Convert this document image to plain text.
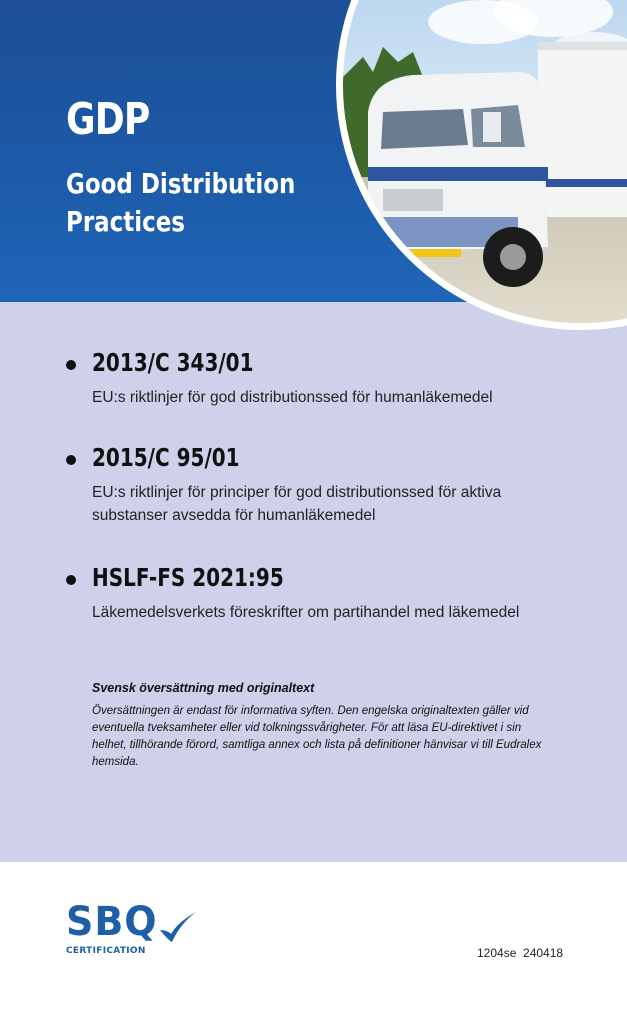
GDP
Good Distribution Practices
2013/C 343/01
EU:s riktlinjer för god distributionssed för humanläkemedel
2015/C 95/01
EU:s riktlinjer för principer för god distributionssed för aktiva substanser avsedda för humanläkemedel
HSLF-FS 2021:95
Läkemedelsverkets föreskrifter om partihandel med läkemedel
Svensk översättning med originaltext
Översättningen är endast för informativa syften. Den engelska originaltexten gäller vid eventuella tveksamheter eller vid tolkningssvårigheter. För att läsa EU-direktivet i sin helhet, tillhörande förord, samtliga annex och lista på definitioner hänvisar vi till Eudralex hemsida.
SBQ
CERTIFICATION	1204se  240418
